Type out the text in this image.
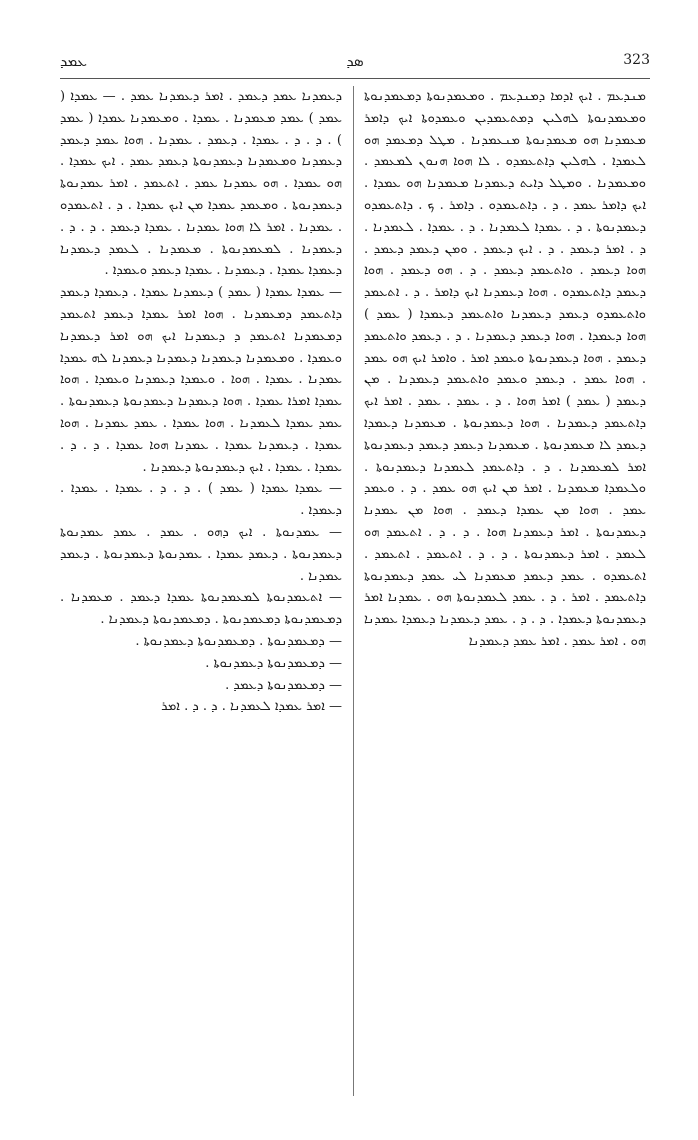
ܥܡܕ	ܣܕ	323

ܡܢܕܥܡ . ܐܝܟ ܐܕܡܐ ܕܡܢܕܥܡ . ܘܡܥܡܕܢܘܬܐ ܕܡܥܡܕܢܘܬܐ ܘܡܥܡܕܢܘܬܐ ܠܗܠܝܢ ܕܡܬܥܡܕܝܢ ܘܥܡܕܘܬܐ ܐܝܟ ܕܐܡܪ ܡܥܡܕܢܐ ܗܘ ܡܥܡܕܢܘܬܐ ܡܢܥܡܕܢܐ . ܡܛܠ ܕܡܥܡܕ ܗܘ ܠܥܡܕܐ . ܠܗܠܝܢ ܕܐܬܥܡܕܘ . ܠܐ ܗܘܐ ܗܢܘܢ ܠܡܥܡܕ . ܘܡܥܡܕܢܐ . ܘܡܛܠ ܕܐܝܬ ܕܥܡܕܢܐ ܡܥܡܕܢܐ ܗܘ ܥܡܕܐ . ܐܝܟ ܕܐܡܪ ܥܡܕ . ܕ . ܕܐܬܥܡܕܘ . ܕܐܡܪ . ܟ . ܕܐܬܥܡܕܘ ܕܥܡܕܢܘܬܐ . ܕ . ܥܡܕܐ ܠܥܡܕܢܐ . ܕ . ܥܡܕܐ . ܠܥܡܕܢܐ . ܕ . ܐܡܪ ܕܥܡܕ . ܕ . ܐܝܟ ܕܥܡܕ . ܘܡܢ ܕܥܡܕ ܕܥܡܕ . ܗܘܐ ܕܥܡܕ . ܘܐܬܥܡܕ ܕܥܡܕ . ܕ . ܗܘ ܕܥܡܕ . ܗܘܐ ܕܥܡܕ ܕܐܬܥܡܕܘ . ܗܘܐ ܕܥܡܕܢܐ ܐܝܟ ܕܐܡܪ . ܕ . ܐܬܥܡܕ ܘܐܬܥܡܕܘ ܕܥܡܕ ܕܥܡܕܢܐ ܘܐܬܥܡܕ ܕܥܡܕܐ ( ܥܡܕ ) ܗܘܐ ܕܥܡܕܐ . ܗܘܐ ܕܥܡܕ ܕܥܡܕܢܐ . ܕ . ܕܥܡܕ ܘܐܬܥܡܕ ܕܥܡܕ . ܗܘܐ ܕܥܡܕܢܘܬܐ ܘܥܡܕ ܐܡܪ . ܘܐܡܪ ܐܝܟ ܗܘ ܥܡܕ . ܗܘܐ ܥܡܕ . ܕܥܡܕ ܘܥܡܕ ܘܐܬܥܡܕ ܕܥܡܕܢܐ . ܡܢ ܕܥܡܕ ( ܥܡܕ ) ܐܡܪ ܗܘܐ . ܕ . ܥܡܕ . ܥܡܕ . ܐܡܪ ܐܝܟ ܕܐܬܥܡܕ ܕܥܡܕܢܐ . ܗܘܐ ܕܥܡܕܢܘܬܐ . ܡܥܡܕܢܐ ܕܥܡܕܐ ܕܥܡܕ ܠܐ ܡܥܡܕܢܘܬܐ . ܡܥܡܕܢܐ ܕܥܡܕ ܕܥܡܕ ܕܥܡܕܢܘܬܐ ܐܡܪ ܠܡܥܡܕܢܐ . ܕ . ܕܐܬܥܡܕ ܠܥܡܕܢܐ ܕܥܡܕܢܘܬܐ . ܘܠܥܡܕܐ ܡܥܡܕܢܐ . ܐܡܪ ܡܢ ܐܝܟ ܗܘ ܥܡܕ . ܕ . ܘܥܡܕ ܥܡܕ . ܗܘܐ ܡܢ ܥܡܕܐ ܕܥܡܕ . ܗܘܐ ܡܢ ܥܡܕܢܐ ܕܥܡܕܢܘܬܐ . ܐܡܪ ܕܥܡܕܢܐ ܗܘܐ . ܕ . ܕ . ܐܬܥܡܕ ܗܘ ܠܥܡܕ . ܐܡܪ ܕܥܡܕܢܘܬܐ . ܕ . ܕ . ܐܬܥܡܕ . ܐܬܥܡܕ . ܐܬܥܡܕܘ . ܥܡܕ ܕܥܡܕ ܡܥܡܕܢܐ ܠܝ ܥܡܕ ܕܥܡܕܢܘܬܐ ܕܐܬܥܡܕ . ܐܡܪ . ܕ . ܥܡܕ ܠܥܡܕܢܘܬܐ ܗܘ . ܥܡܕܢܐ ܐܡܪ ܕܥܡܕܢܘܬܐ ܕܥܡܕܐ . ܕ . ܕ . ܥܡܕ ܕܥܡܕܢܐ ܕܥܡܕܐ ܥܡܕܢܐ ܗܘ . ܐܡܪ ܥܡܕ . ܐܡܪ ܥܡܕ ܕܥܡܕܢܐ

ܕܥܡܕܢܐ ܥܡܕ ܕܥܡܕ . ܐܡܪ ܕܥܡܕܢܐ ܥܡܕ . — ܥܡܕܐ ( ܥܡܕ ) ܥܡܕ ܡܥܡܕܢܐ . ܥܡܕܐ . ܘܡܥܡܕܢܐ ܥܡܕܐ ( ܥܡܕ ) . ܕ . ܕ . ܥܡܕܐ . ܕܥܡܕ . ܥܡܕܢܐ . ܗܘܐ ܥܡܕ ܕܥܡܕ ܕܥܡܕܢܐ ܘܡܥܡܕܢܐ ܕܥܡܕܢܘܬܐ ܕܥܡܕ ܥܡܕ . ܐܝܟ ܥܡܕܐ . ܗܘ ܥܡܕܐ . ܗܘ ܥܡܕܢܐ ܥܡܕ . ܐܬܥܡܕ . ܐܡܪ ܥܡܕܢܘܬܐ ܕܥܡܕܢܘܬܐ . ܘܡܥܡܕ ܥܡܕܐ ܡܢ ܐܝܟ ܥܡܕܐ . ܕ . ܐܬܥܡܕܘ . ܥܡܕܢܐ . ܐܡܪ ܠܐ ܗܘܐ ܥܡܕܢܐ . ܥܡܕܐ ܕܥܡܕ . ܕ . ܕ . ܕܥܡܕܢܐ . ܠܡܥܡܕܢܘܬܐ . ܡܥܡܕܢܐ . ܠܥܡܕ ܕܥܡܕܢܐ ܕܥܡܕܐ ܥܡܕܐ . ܕܥܡܕܢܐ . ܥܡܕܐ ܕܥܡܕ ܘܥܡܕܐ .

— ܥܡܕܐ ܥܡܕܐ ( ܥܡܕ ) ܕܥܡܕܢܐ ܥܡܕܐ . ܕܥܡܕܐ ܕܥܡܕ ܕܐܬܥܡܕ ܕܡܥܡܕܢܐ . ܗܘܐ ܐܡܪ ܥܡܕܐ ܕܥܡܕ ܐܬܥܡܕ ܕܡܥܡܕܢܐ ܐܬܥܡܕ ܕ ܕܥܡܕܢܐ ܐܝܟ ܗܘ ܐܡܪ ܕܥܡܕܢܐ ܘܥܡܕܐ . ܘܡܥܡܕܢܐ ܕܥܡܕܢܐ ܕܥܡܕܢܐ ܕܥܡܕܢܐ ܠܗ ܥܡܕܐ ܥܡܕܢܐ . ܥܡܕܐ . ܗܘܐ . ܘܥܡܕܐ ܕܥܡܕܢܐ ܘܥܡܕܐ . ܗܘܐ ܥܡܕܐ ܐܡܪܐ ܥܡܕܐ . ܗܘܐ ܕܥܡܕܢܐ ܕܥܡܕܢܘܬܐ ܕܥܡܕܢܘܬܐ . ܥܡܕ ܥܡܕܐ ܠܥܡܕܢܐ . ܗܘܐ ܥܡܕܐ . ܥܡܕ ܥܡܕܢܐ . ܗܘܐ ܥܡܕܐ . ܕܥܡܕܢܐ ܥܡܕܐ . ܥܡܕܢܐ ܗܘܐ ܥܡܕܐ . ܕ . ܕ . ܥܡܕܐ . ܥܡܕܐ . ܐܝܟ ܕܥܡܕܢܘܬܐ ܕܥܡܕܢܐ .

— ܥܡܕܐ ܥܡܕܐ ( ܥܡܕ ) . ܕ . ܕ . ܥܡܕܐ . ܥܡܕܐ . ܕܥܡܕܐ .

— ܥܡܕܢܘܬܐ . ܐܝܟ ܕܗܘ . ܥܡܕ . ܥܡܕ ܥܡܕܢܘܬܐ ܕܥܡܕܢܘܬܐ . ܕܥܡܕ ܥܡܕܐ . ܥܡܕܢܘܬܐ ܕܥܡܕܢܘܬܐ . ܕܥܡܕ ܥܡܕܢܐ .

— ܐܬܥܡܕܢܘܬܐ ܠܡܥܡܕܢܘܬܐ ܥܡܕܐ ܕܥܡܕ . ܡܥܡܕܢܐ . ܕܡܥܡܕܢܘܬܐ ܕܡܥܡܕܢܘܬܐ . ܕܡܥܡܕܢܘܬܐ ܕܥܡܕܢܐ .

— ܕܡܥܡܕܢܘܬܐ . ܕܡܥܡܕܢܘܬܐ ܕܥܡܕܢܘܬܐ .

— ܕܡܥܡܕܢܘܬܐ ܕܥܡܕܢܘܬܐ .

— ܕܡܥܡܕܢܘܬܐ ܕܥܡܕ .

— ܐܡܪ ܥܡܕܐ ܠܥܡܕܢܐ . ܕ . ܕ . ܐܡܪ
